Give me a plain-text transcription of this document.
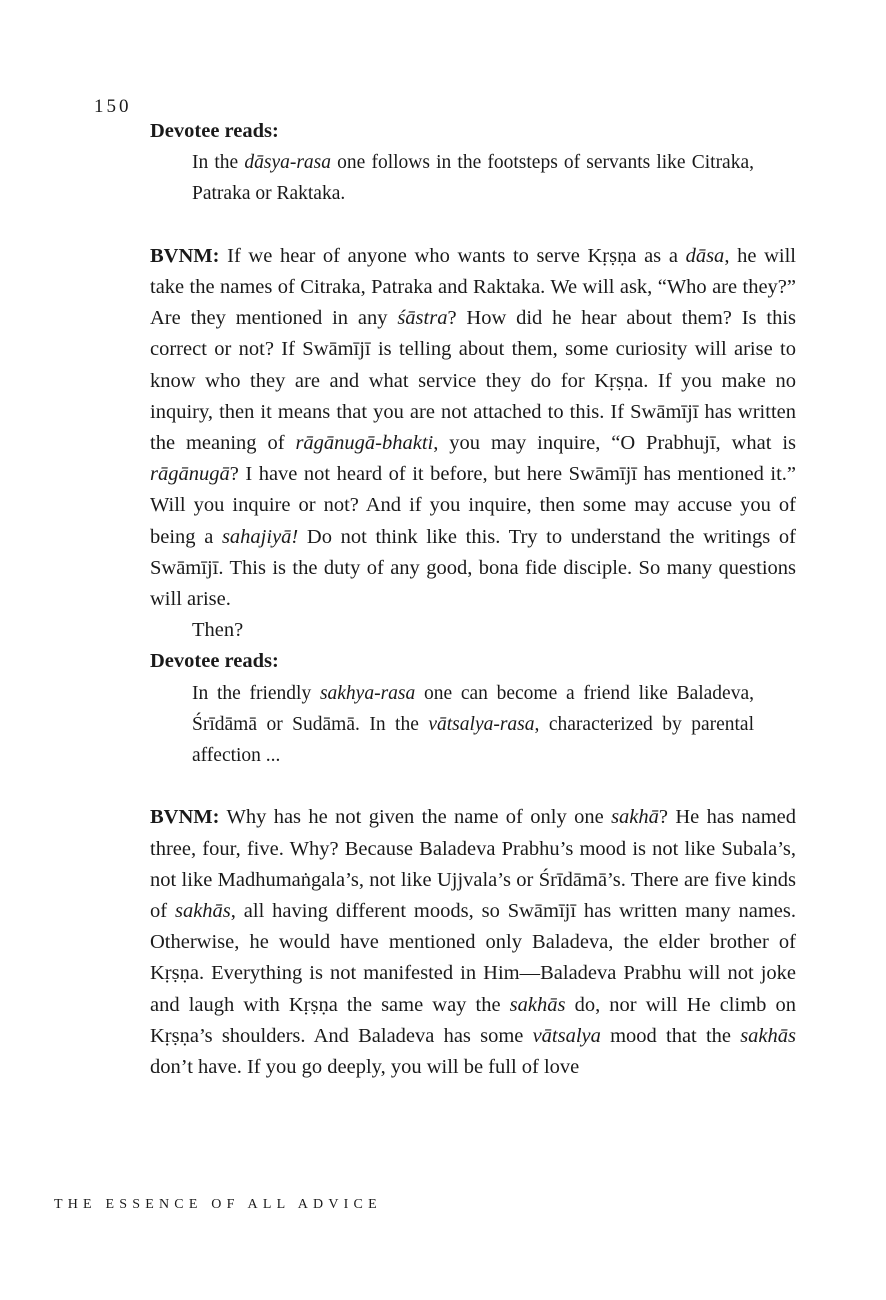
150
Devotee reads:
In the dāsya-rasa one follows in the footsteps of servants like Citraka, Patraka or Raktaka.

BVNM: If we hear of anyone who wants to serve Kṛṣṇa as a dāsa, he will take the names of Citraka, Patraka and Raktaka. We will ask, “Who are they?” Are they mentioned in any śāstra? How did he hear about them? Is this correct or not? If Swāmījī is telling about them, some curiosity will arise to know who they are and what service they do for Kṛṣṇa. If you make no inquiry, then it means that you are not attached to this. If Swāmījī has written the meaning of rāgānugā-bhakti, you may inquire, “O Prabhujī, what is rāgānugā? I have not heard of it before, but here Swāmījī has mentioned it.” Will you inquire or not? And if you inquire, then some may accuse you of being a sahajiyā! Do not think like this. Try to understand the writings of Swāmījī. This is the duty of any good, bona fide disciple. So many questions will arise.

Then?

Devotee reads:
In the friendly sakhya-rasa one can become a friend like Baladeva, Śrīdāmā or Sudāmā. In the vātsalya-rasa, characterized by parental affection ...

BVNM: Why has he not given the name of only one sakhā? He has named three, four, five. Why? Because Baladeva Prabhu’s mood is not like Subala’s, not like Madhumaṅgala’s, not like Ujjvala’s or Śrīdāmā’s. There are five kinds of sakhās, all having different moods, so Swāmījī has written many names. Otherwise, he would have mentioned only Baladeva, the elder brother of Kṛṣṇa. Everything is not manifested in Him—Baladeva Prabhu will not joke and laugh with Kṛṣṇa the same way the sakhās do, nor will He climb on Kṛṣṇa’s shoulders. And Baladeva has some vātsalya mood that the sakhās don’t have. If you go deeply, you will be full of love

THE ESSENCE OF ALL ADVICE
